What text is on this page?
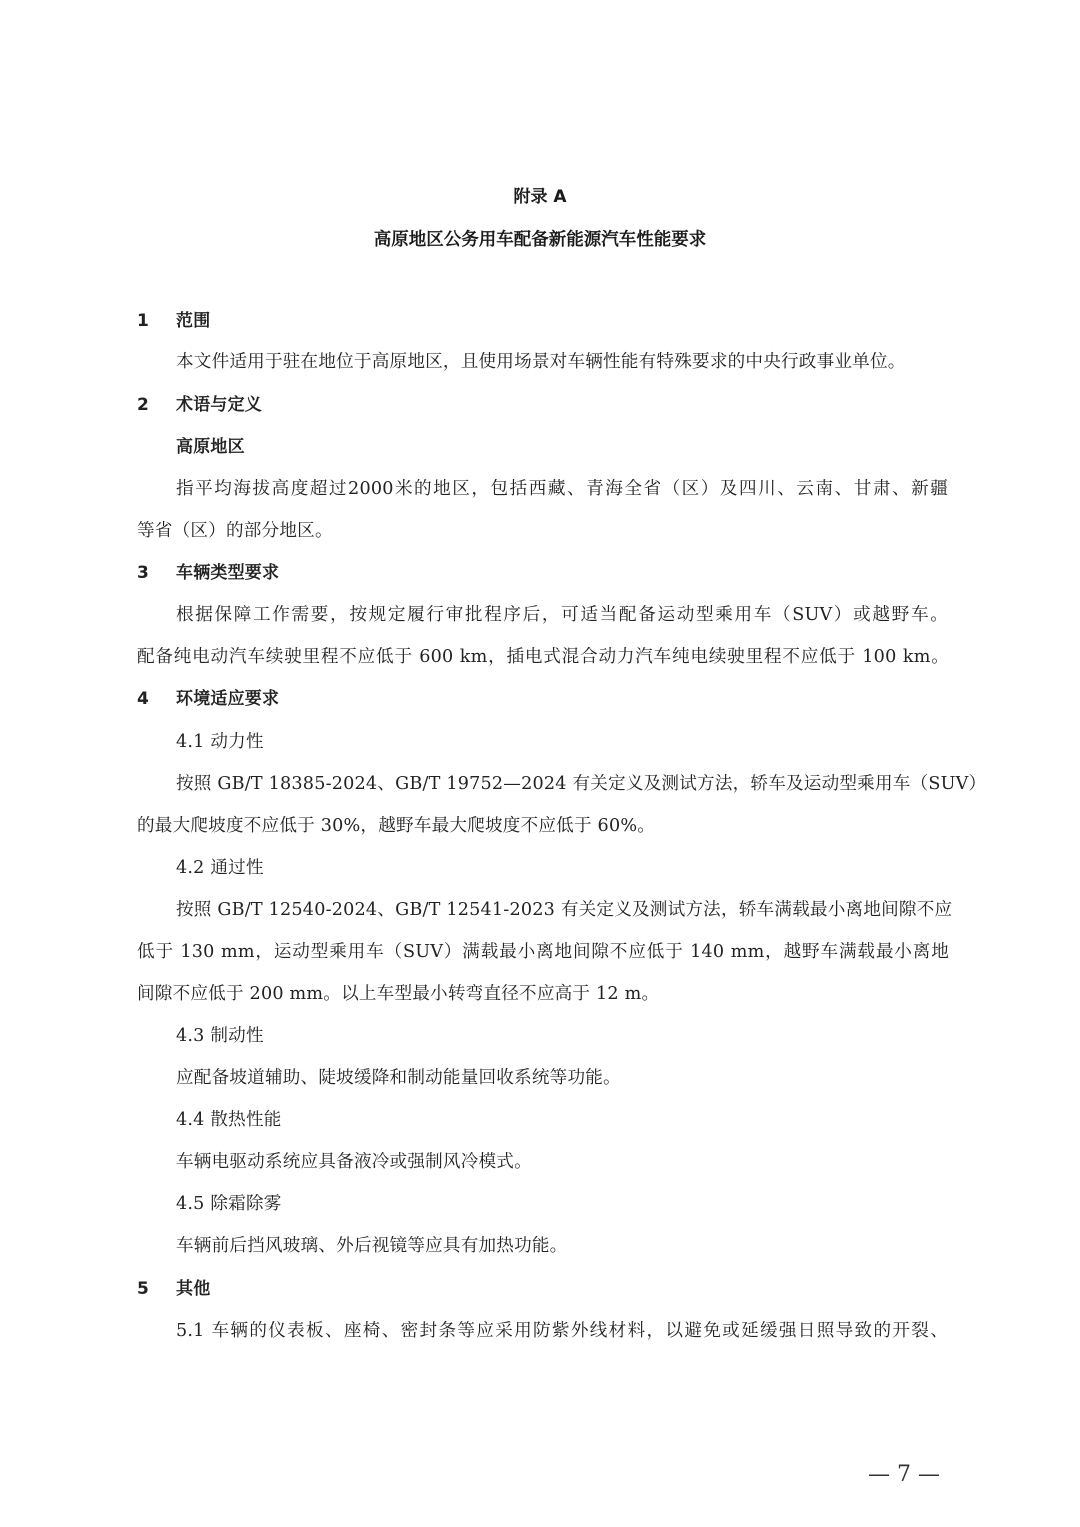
附录 A
高原地区公务用车配备新能源汽车性能要求
1 范围
本文件适用于驻在地位于高原地区，且使用场景对车辆性能有特殊要求的中央行政事业单位。
2 术语与定义
高原地区
指平均海拔高度超过2000米的地区，包括西藏、青海全省（区）及四川、云南、甘肃、新疆
等省（区）的部分地区。
3 车辆类型要求
根据保障工作需要，按规定履行审批程序后，可适当配备运动型乘用车（SUV）或越野车。
配备纯电动汽车续驶里程不应低于 600 km，插电式混合动力汽车纯电续驶里程不应低于 100 km。
4 环境适应要求
4.1 动力性
按照 GB/T 18385-2024、GB/T 19752—2024 有关定义及测试方法，轿车及运动型乘用车（SUV）
的最大爬坡度不应低于 30%，越野车最大爬坡度不应低于 60%。
4.2 通过性
按照 GB/T 12540-2024、GB/T 12541-2023 有关定义及测试方法，轿车满载最小离地间隙不应
低于 130 mm，运动型乘用车（SUV）满载最小离地间隙不应低于 140 mm，越野车满载最小离地
间隙不应低于 200 mm。以上车型最小转弯直径不应高于 12 m。
4.3 制动性
应配备坡道辅助、陡坡缓降和制动能量回收系统等功能。
4.4 散热性能
车辆电驱动系统应具备液冷或强制风冷模式。
4.5 除霜除雾
车辆前后挡风玻璃、外后视镜等应具有加热功能。
5 其他
5.1 车辆的仪表板、座椅、密封条等应采用防紫外线材料，以避免或延缓强日照导致的开裂、
— 7 —
